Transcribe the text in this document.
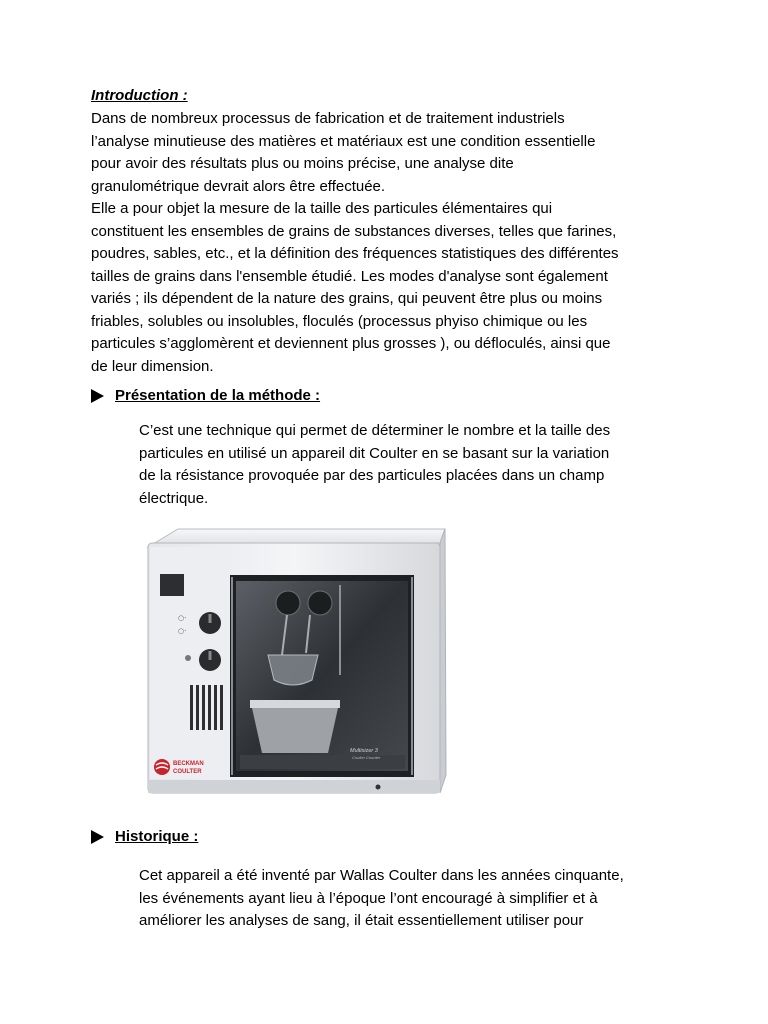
Introduction :
Dans de nombreux processus de fabrication et de traitement industriels
l’analyse minutieuse des matières et matériaux est une condition essentielle
pour avoir des résultats plus ou moins précise, une analyse dite
granulométrique devrait alors être effectuée.
Elle a pour objet la mesure de la taille des particules élémentaires qui
constituent les ensembles de grains de substances diverses, telles que farines,
poudres, sables, etc., et la définition des fréquences statistiques des différentes
tailles de grains dans l'ensemble étudié. Les modes d'analyse sont également
variés ; ils dépendent de la nature des grains, qui peuvent être plus ou moins
friables, solubles ou insolubles, floculés (processus phyiso chimique ou les
particules s’agglomèrent et deviennent plus grosses ), ou défloculés, ainsi que
de leur dimension.
Présentation de la méthode :
C’est une technique qui permet de déterminer le nombre et la taille des
particules en utilisé un appareil dit Coulter en se basant sur la variation
de la résistance provoquée par des particules placées dans un champ
électrique.
○·
○·
BECKMAN
COULTER
Multisizer 3
Coulter Counter
Historique :
Cet appareil a été inventé par Wallas Coulter dans les années cinquante,
les événements ayant lieu à l’époque l’ont encouragé à simplifier et à
améliorer les analyses de sang, il était essentiellement utiliser pour
